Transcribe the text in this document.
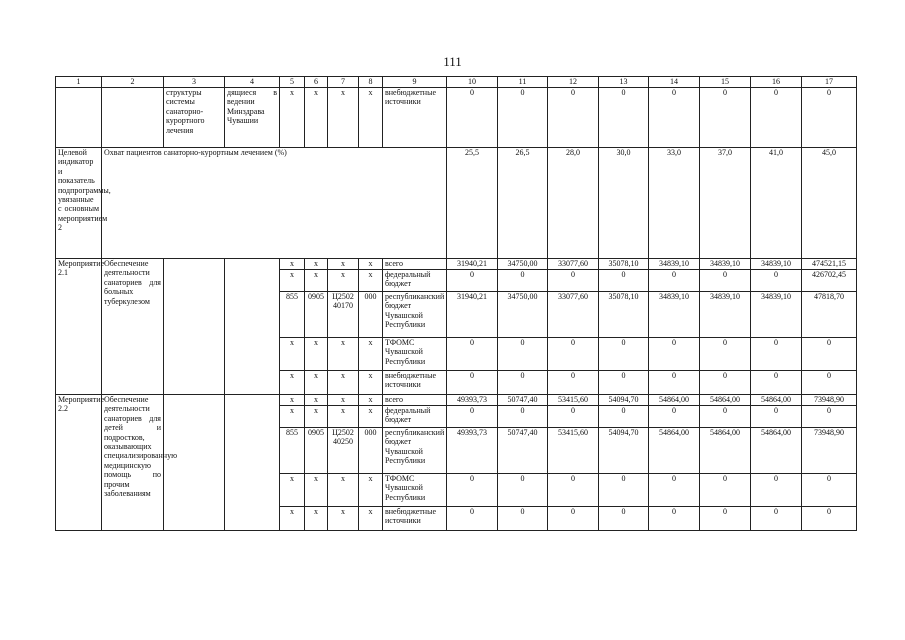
111
1	2	3	4	5	6	7	8	9	10	11	12	13	14	15	16	17

		структуры системы санаторно-курортного лечения	дящиеся в ведении Минздрава Чувашии	x	x	x	x	внебюджетные источники	0	0	0	0	0	0	0	0

Целевой индикатор и показатель подпрограммы, увязанные с основным мероприятием 2	Охват пациентов санаторно-курортным лечением (%)								25,5	26,5	28,0	30,0	33,0	37,0	41,0	45,0

Мероприятие 2.1	Обеспечение деятельности санаториев для больных туберкулезом			x	x	x	x	всего	31940,21	34750,00	33077,60	35078,10	34839,10	34839,10	34839,10	474521,15
				x	x	x	x	федеральный бюджет	0	0	0	0	0	0	0	426702,45
				855	0905	Ц2502 40170	000	республиканский бюджет Чувашской Республики	31940,21	34750,00	33077,60	35078,10	34839,10	34839,10	34839,10	47818,70
				x	x	x	x	ТФОМС Чувашской Республики	0	0	0	0	0	0	0	0
				x	x	x	x	внебюджетные источники	0	0	0	0	0	0	0	0

Мероприятие 2.2	Обеспечение деятельности санаториев для детей и подростков, оказывающих специализированную медицинскую помощь по прочим заболеваниям			x	x	x	x	всего	49393,73	50747,40	53415,60	54094,70	54864,00	54864,00	54864,00	73948,90
				x	x	x	x	федеральный бюджет	0	0	0	0	0	0	0	0
				855	0905	Ц2502 40250	000	республиканский бюджет Чувашской Республики	49393,73	50747,40	53415,60	54094,70	54864,00	54864,00	54864,00	73948,90
				x	x	x	x	ТФОМС Чувашской Республики	0	0	0	0	0	0	0	0
				x	x	x	x	внебюджетные источники	0	0	0	0	0	0	0	0
